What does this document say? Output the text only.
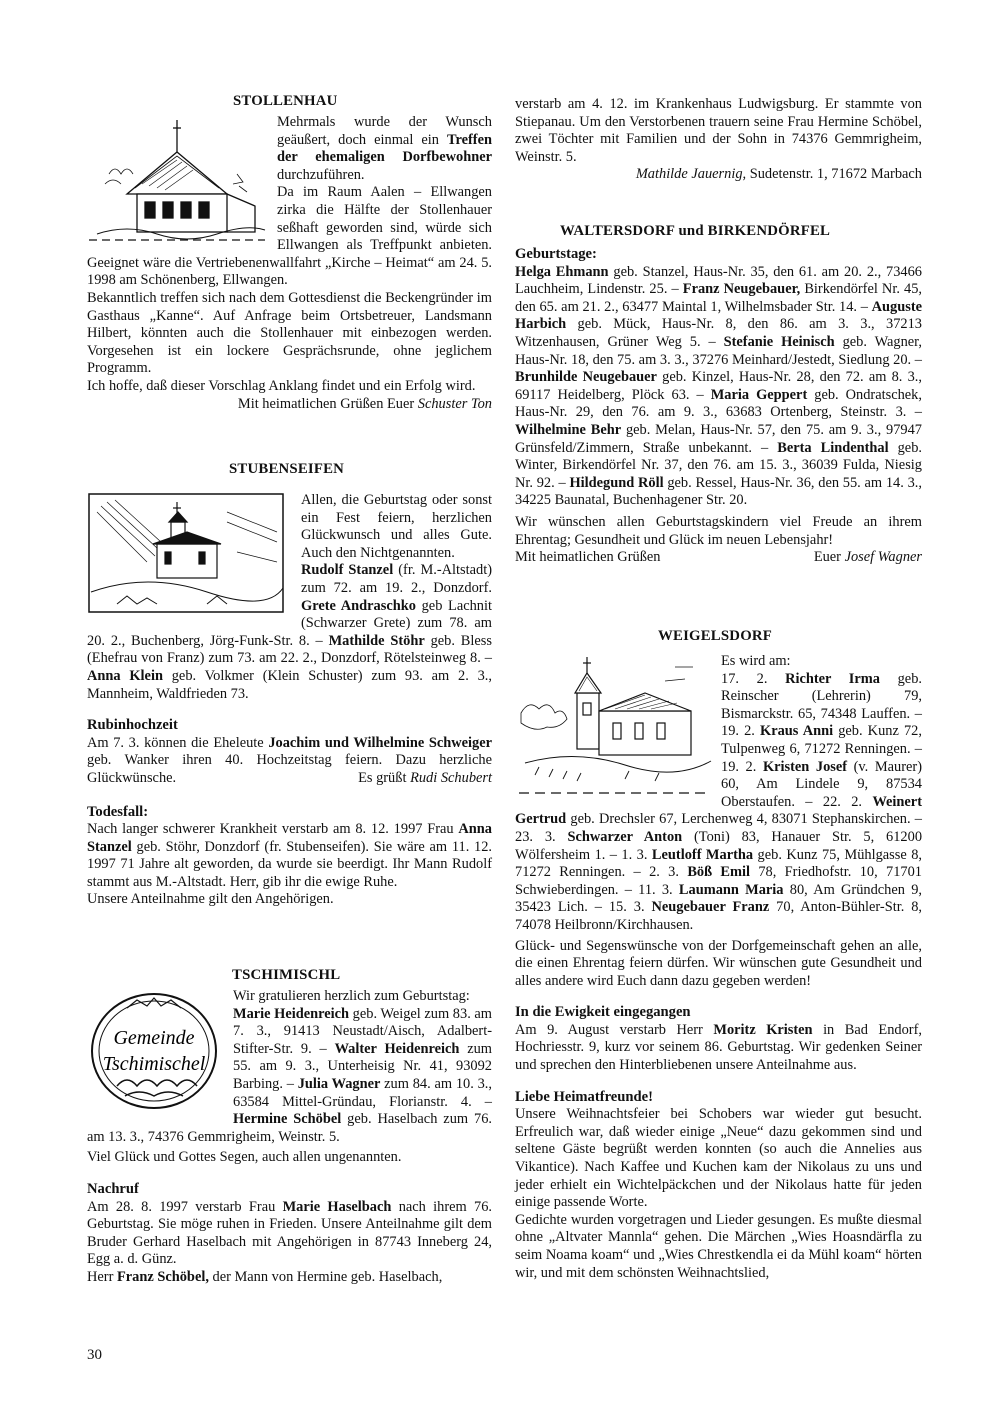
STOLLENHAU

Mehrmals wurde der Wunsch geäußert, doch einmal ein Treffen der ehemaligen Dorfbewohner durchzuführen.

Da im Raum Aalen – Ellwangen zirka die Hälfte der Stollenhauer seßhaft geworden sind, würde sich Ellwangen als Treffpunkt anbieten. Geeignet wäre die Vertriebenenwallfahrt „Kirche – Heimat“ am 24. 5. 1998 am Schönenberg, Ellwangen.

Bekanntlich treffen sich nach dem Gottesdienst die Beckengründer im Gasthaus „Kanne“. Auf Anfrage beim Ortsbetreuer, Landsmann Hilbert, könnten auch die Stollenhauer mit einbezogen werden. Vorgesehen ist ein lockere Gesprächsrunde, ohne jeglichem Programm.

Ich hoffe, daß dieser Vorschlag Anklang findet und ein Erfolg wird.
Mit heimatlichen Grüßen Euer Schuster Ton

STUBENSEIFEN

Allen, die Geburtstag oder sonst ein Fest feiern, herzlichen Glückwunsch und alles Gute. Auch den Nichtgenannten.

Rudolf Stanzel (fr. M.-Altstadt) zum 72. am 19. 2., Donzdorf. Grete Andraschko geb Lachnit (Schwarzer Grete) zum 78. am 20. 2., Buchenberg, Jörg-Funk-Str. 8. – Mathilde Stöhr geb. Bless (Ehefrau von Franz) zum 73. am 22. 2., Donzdorf, Rötelsteinweg 8. – Anna Klein geb. Volkmer (Klein Schuster) zum 93. am 2. 3., Mannheim, Waldfrieden 73.

Rubinhochzeit

Am 7. 3. können die Eheleute Joachim und Wilhelmine Schweiger geb. Wanker ihren 40. Hochzeitstag feiern. Dazu herzliche Glückwünsche.	Es grüßt Rudi Schubert

Todesfall:

Nach langer schwerer Krankheit verstarb am 8. 12. 1997 Frau Anna Stanzel geb. Stöhr, Donzdorf (fr. Stubenseifen). Sie wäre am 11. 12. 1997 71 Jahre alt geworden, da wurde sie beerdigt. Ihr Mann Rudolf stammt aus M.-Altstadt. Herr, gib ihr die ewige Ruhe.

Unsere Anteilnahme gilt den Angehörigen.

TSCHIMISCHL
Gemeinde
Tschimischel

Wir gratulieren herzlich zum Geburtstag:

Marie Heidenreich geb. Weigel zum 83. am 7. 3., 91413 Neustadt/Aisch, Adalbert-Stifter-Str. 9. – Walter Heidenreich zum 55. am 9. 3., Unterheisig Nr. 41, 93092 Barbing. – Julia Wagner zum 84. am 10. 3., 63584 Mittel-Gründau, Florianstr. 4. – Hermine Schöbel geb. Haselbach zum 76. am 13. 3., 74376 Gemmrigheim, Weinstr. 5.

Viel Glück und Gottes Segen, auch allen ungenannten.

Nachruf

Am 28. 8. 1997 verstarb Frau Marie Haselbach nach ihrem 76. Geburtstag. Sie möge ruhen in Frieden. Unsere Anteilnahme gilt dem Bruder Gerhard Haselbach mit Angehörigen in 87743 Inneberg 24, Egg a. d. Günz.

Herr Franz Schöbel, der Mann von Hermine geb. Haselbach,

verstarb am 4. 12. im Krankenhaus Ludwigsburg. Er stammte von Stiepanau. Um den Verstorbenen trauern seine Frau Hermine Schöbel, zwei Töchter mit Familien und der Sohn in 74376 Gemmrigheim, Weinstr. 5.

Mathilde Jauernig, Sudetenstr. 1, 71672 Marbach

WALTERSDORF und BIRKENDÖRFEL

Geburtstage:

Helga Ehmann geb. Stanzel, Haus-Nr. 35, den 61. am 20. 2., 73466 Lauchheim, Lindenstr. 25. – Franz Neugebauer, Birkendörfel Nr. 45, den 65. am 21. 2., 63477 Maintal 1, Wilhelmsbader Str. 14. – Auguste Harbich geb. Mück, Haus-Nr. 8, den 86. am 3. 3., 37213 Witzenhausen, Grüner Weg 5. – Stefanie Heinisch geb. Wagner, Haus-Nr. 18, den 75. am 3. 3., 37276 Meinhard/Jestedt, Siedlung 20. – Brunhilde Neugebauer geb. Kinzel, Haus-Nr. 28, den 72. am 8. 3., 69117 Heidelberg, Plöck 63. – Maria Geppert geb. Ondratschek, Haus-Nr. 29, den 76. am 9. 3., 63683 Ortenberg, Steinstr. 3. – Wilhelmine Behr geb. Melan, Haus-Nr. 57, den 75. am 9. 3., 97947 Grünsfeld/Zimmern, Straße unbekannt. – Berta Lindenthal geb. Winter, Birkendörfel Nr. 37, den 76. am 15. 3., 36039 Fulda, Niesig Nr. 92. – Hildegund Röll geb. Ressel, Haus-Nr. 36, den 55. am 14. 3., 34225 Baunatal, Buchenhagener Str. 20.

Wir wünschen allen Geburtstagskindern viel Freude an ihrem Ehrentag; Gesundheit und Glück im neuen Lebensjahr!

Mit heimatlichen Grüßen	Euer Josef Wagner

WEIGELSDORF

Es wird am:

17. 2. Richter Irma geb. Reinscher (Lehrerin) 79, Bismarckstr. 65, 74348 Lauffen. – 19. 2. Kraus Anni geb. Kunz 72, Tulpenweg 6, 71272 Renningen. – 19. 2. Kristen Josef (v. Maurer) 60, Am Lindele 9, 87534 Oberstaufen. – 22. 2. Weinert Gertrud geb. Drechsler 67, Lerchenweg 4, 83071 Stephanskirchen. – 23. 3. Schwarzer Anton (Toni) 83, Hanauer Str. 5, 61200 Wölfersheim 1. – 1. 3. Leutloff Martha geb. Kunz 75, Mühlgasse 8, 71272 Renningen. – 2. 3. Böß Emil 78, Friedhofstr. 10, 71701 Schwieberdingen. – 11. 3. Laumann Maria 80, Am Gründchen 9, 35423 Lich. – 15. 3. Neugebauer Franz 70, Anton-Bühler-Str. 8, 74078 Heilbronn/Kirchhausen.

Glück- und Segenswünsche von der Dorfgemeinschaft gehen an alle, die einen Ehrentag feiern dürfen. Wir wünschen gute Gesundheit und alles andere wird Euch dann dazu gegeben werden!

In die Ewigkeit eingegangen

Am 9. August verstarb Herr Moritz Kristen in Bad Endorf, Hochriesstr. 9, kurz vor seinem 86. Geburtstag. Wir gedenken Seiner und sprechen den Hinterbliebenen unsere Anteilnahme aus.

Liebe Heimatfreunde!

Unsere Weihnachtsfeier bei Schobers war wieder gut besucht. Erfreulich war, daß wieder einige „Neue“ dazu gekommen sind und seltene Gäste begrüßt werden konnten (so auch die Annelies aus Vikantice). Nach Kaffee und Kuchen kam der Nikolaus zu uns und jeder erhielt ein Wichtelpäckchen und der Nikolaus hatte für jeden einige passende Worte.

Gedichte wurden vorgetragen und Lieder gesungen. Es mußte diesmal ohne „Altvater Mannla“ gehen. Die Märchen „Wies Hoasndärfla zu seim Noama koam“ und „Wies Chrestkendla ei da Mühl koam“ hörten wir, und mit dem schönsten Weihnachtslied,

30
